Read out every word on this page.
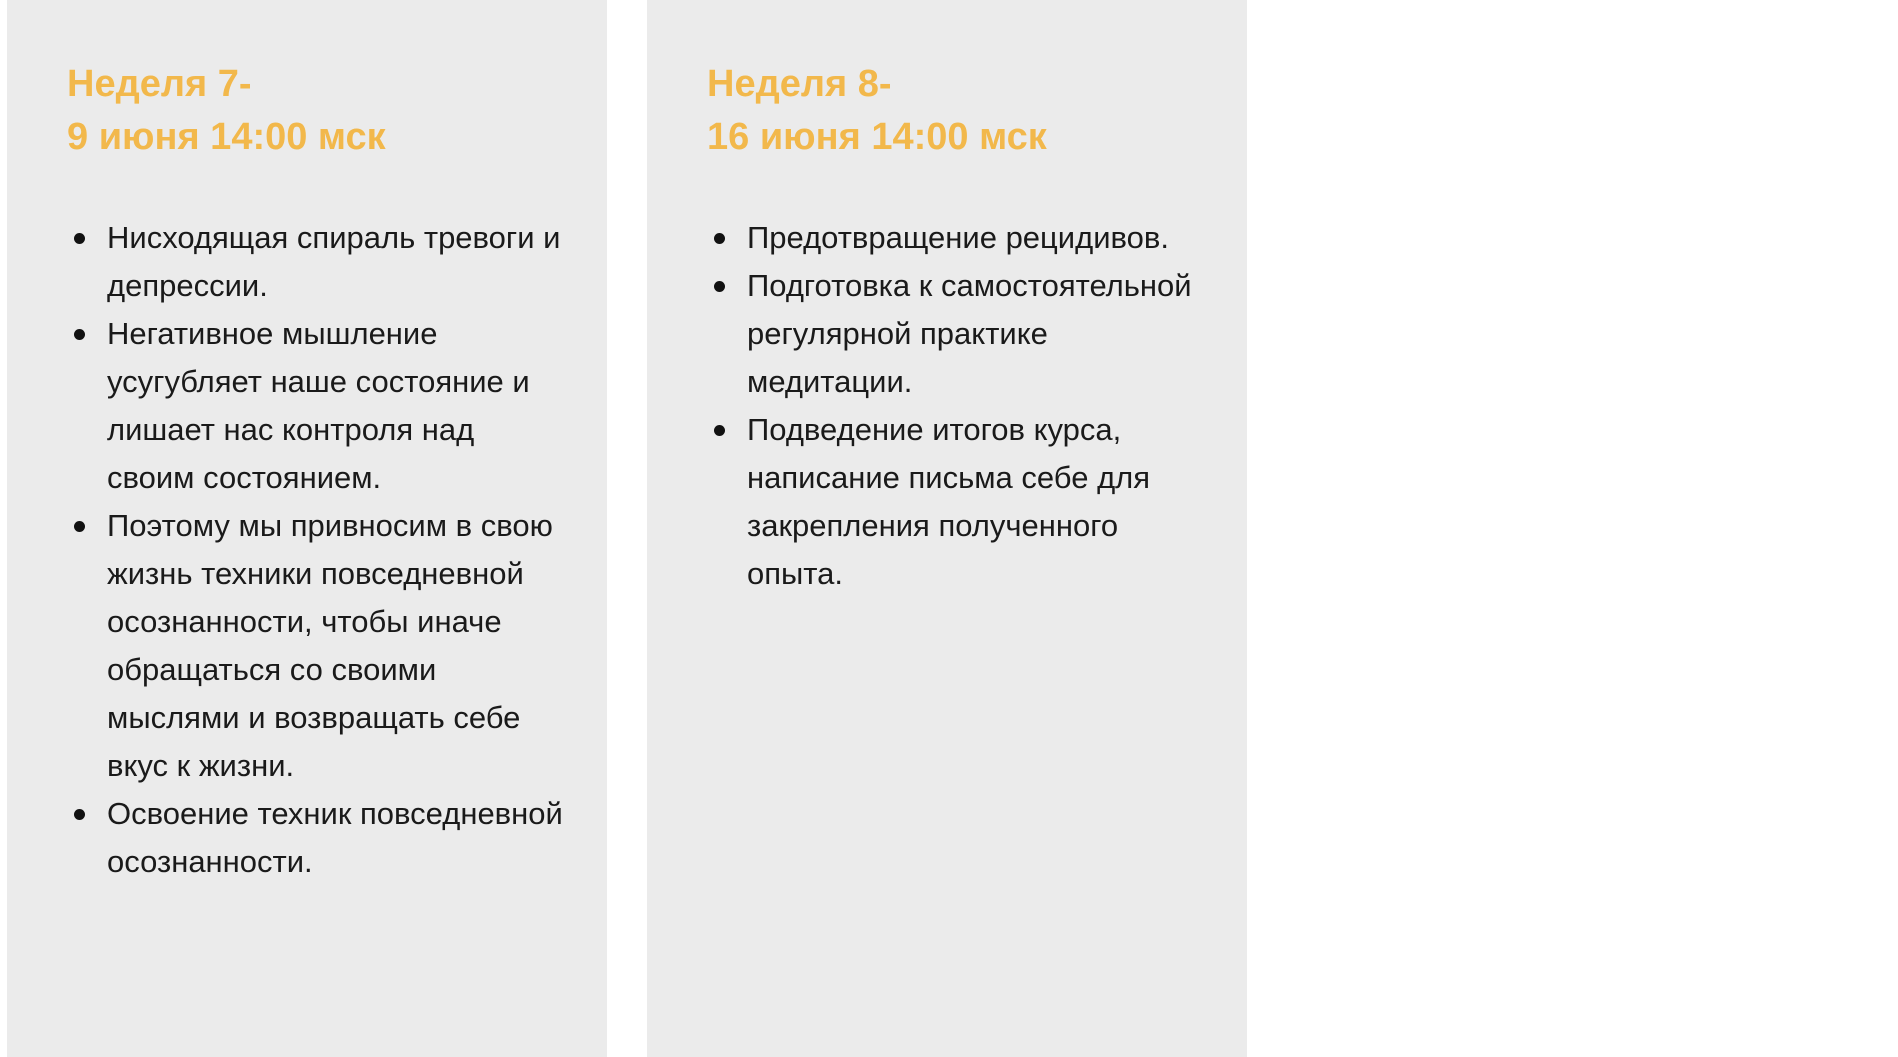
Неделя 7-
9 июня 14:00 мск
Нисходящая спираль тревоги и депрессии.
Негативное мышление усугубляет наше состояние и лишает нас контроля над своим состоянием.
Поэтому мы привносим в свою жизнь техники повседневной осознанности, чтобы иначе обращаться со своими мыслями и возвращать себе вкус к жизни.
Освоение техник повседневной осознанности.
Неделя 8-
16 июня 14:00 мск
Предотвращение рецидивов.
Подготовка к самостоятельной регулярной практике медитации.
Подведение итогов курса, написание письма себе для закрепления полученного опыта.
